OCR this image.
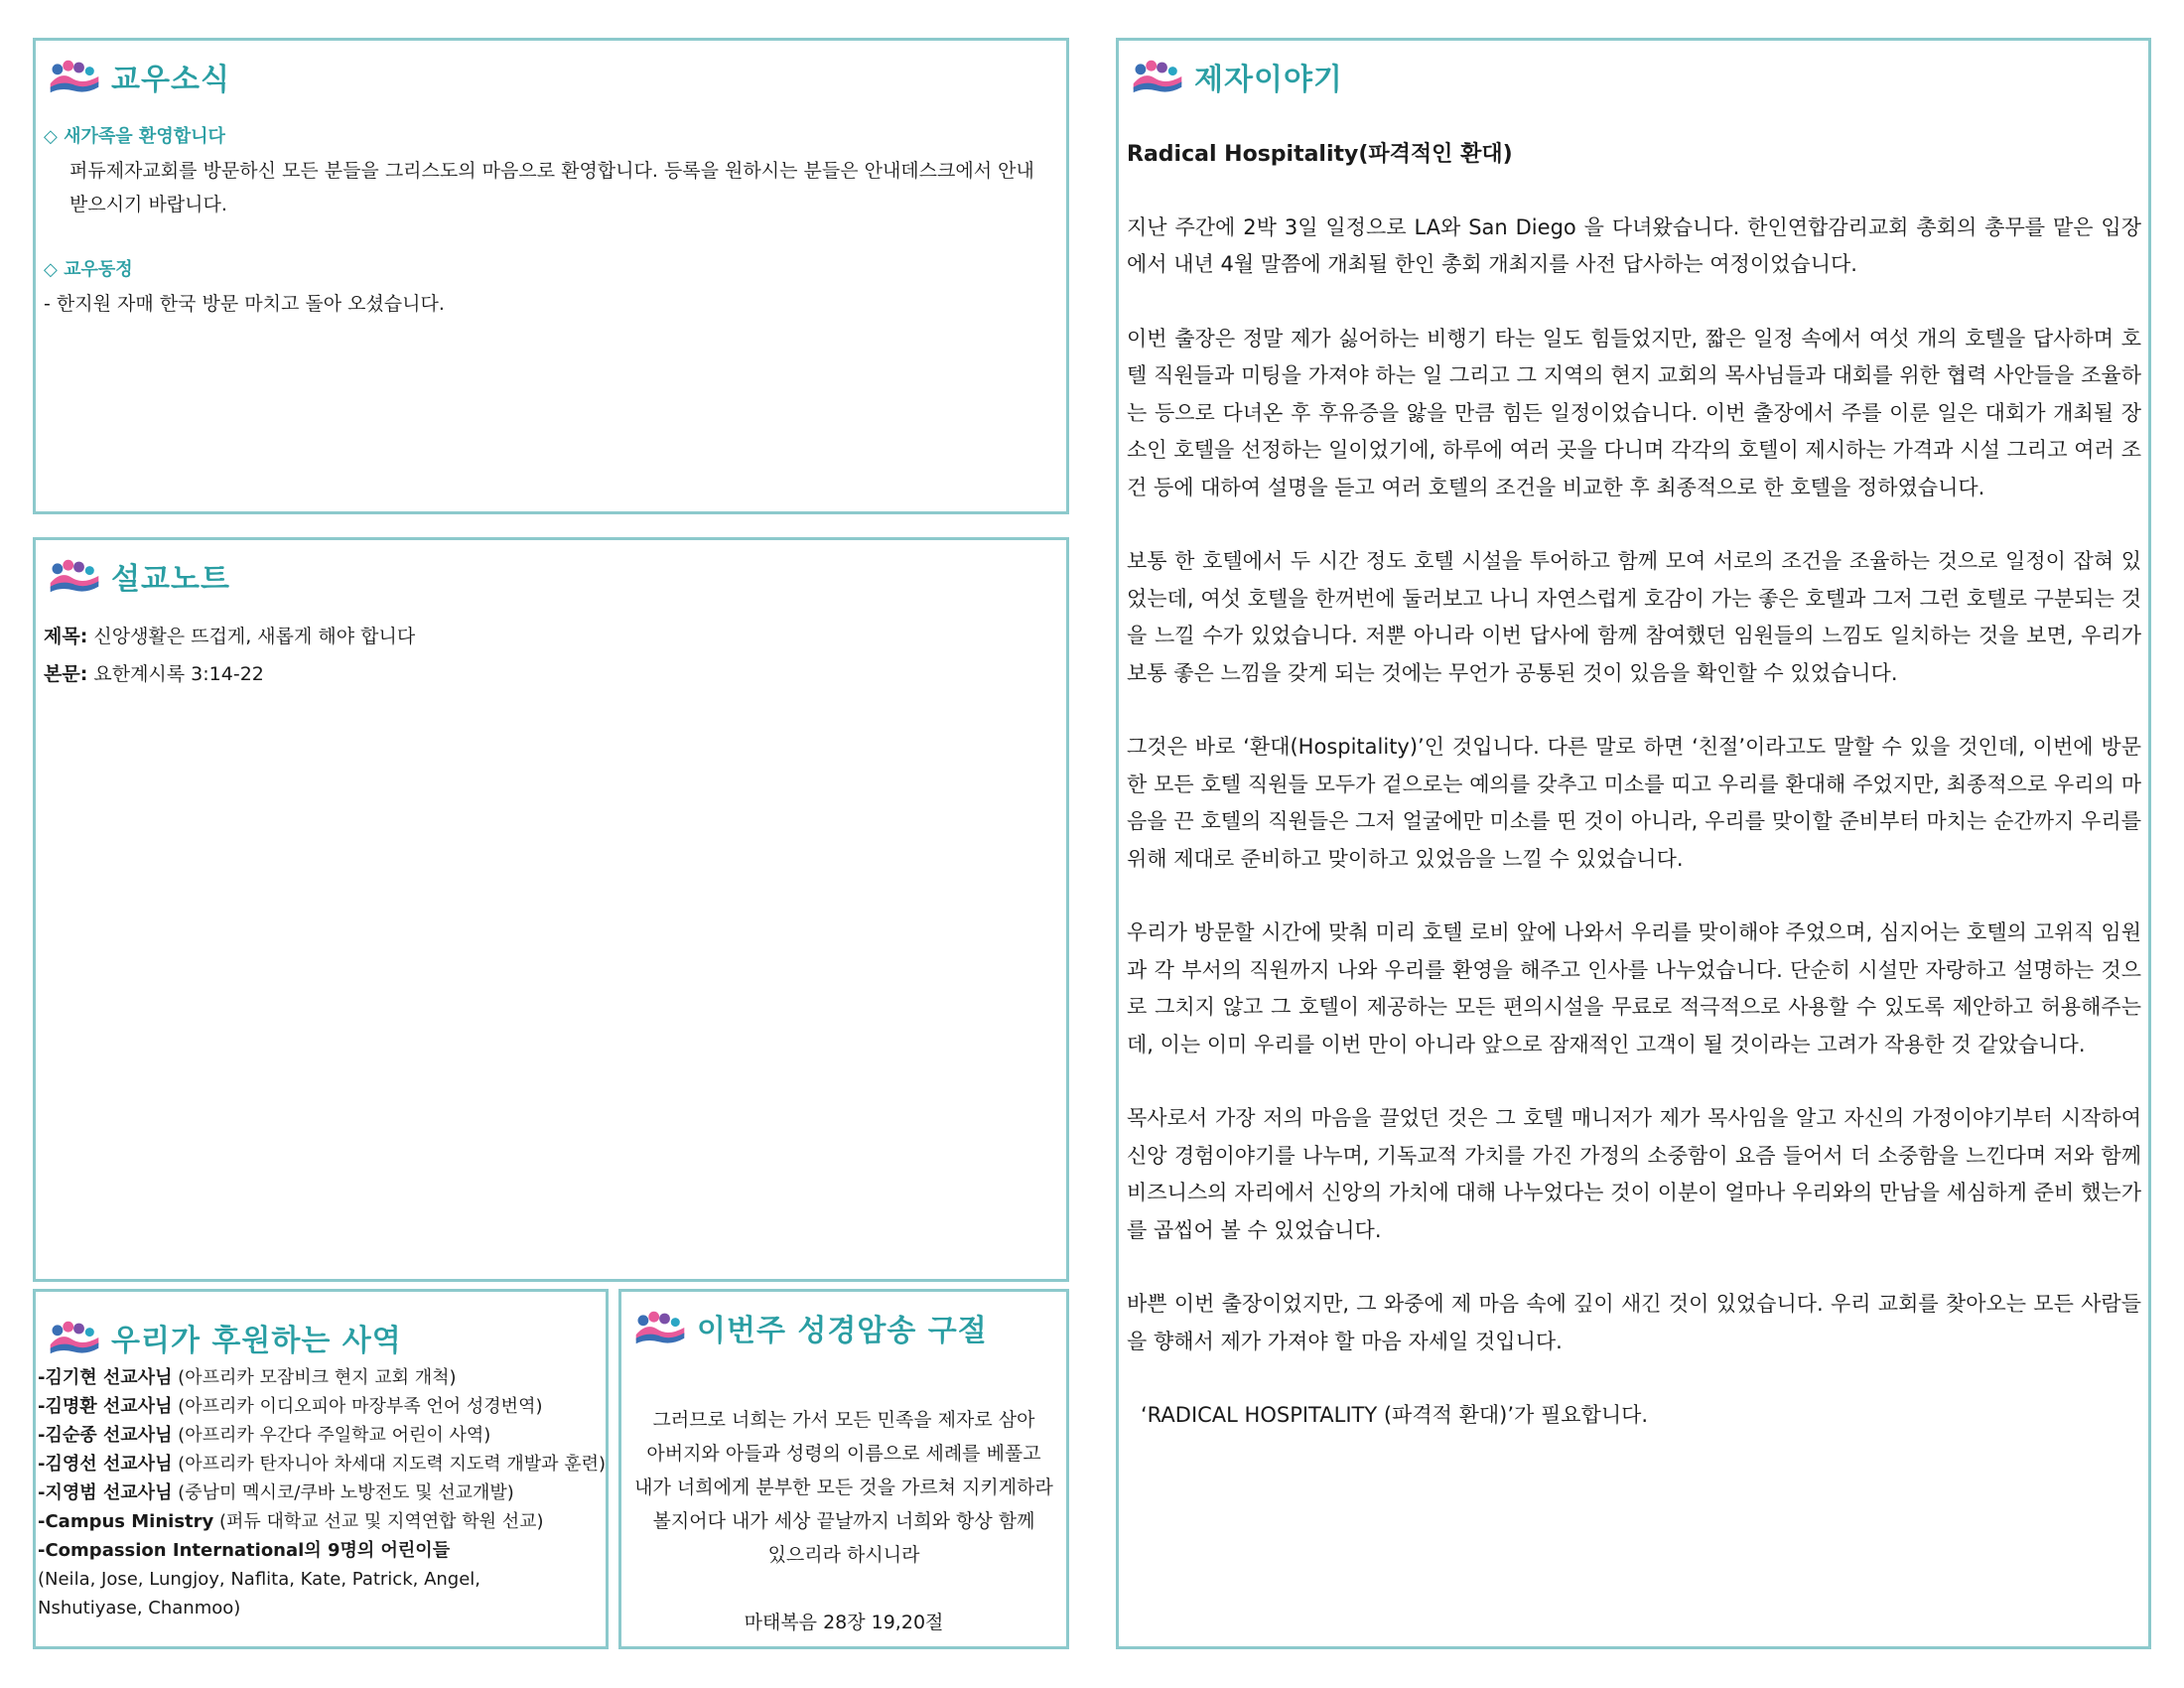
교우소식

◇ 새가족을 환영합니다

퍼듀제자교회를 방문하신 모든 분들을 그리스도의 마음으로 환영합니다. 등록을 원하시는 분들은 안내데스크에서 안내

받으시기 바랍니다.

◇ 교우동정

- 한지원 자매 한국 방문 마치고 돌아 오셨습니다.

설교노트

제목: 신앙생활은 뜨겁게, 새롭게 해야 합니다

본문: 요한계시록 3:14-22

우리가 후원하는 사역
-김기현 선교사님 (아프리카 모잠비크 현지 교회 개척)
-김명환 선교사님 (아프리카 이디오피아 마장부족 언어 성경번역)
-김순종 선교사님 (아프리카 우간다 주일학교 어린이 사역)
-김영선 선교사님 (아프리카 탄자니아 차세대 지도력 지도력 개발과 훈련)
-지영범 선교사님 (중남미 멕시코/쿠바 노방전도 및 선교개발)
-Campus Ministry (퍼듀 대학교 선교 및 지역연합 학원 선교)
-Compassion International의 9명의 어린이들
(Neila, Jose, Lungjoy, Naflita, Kate, Patrick, Angel,
Nshutiyase, Chanmoo)
이번주 성경암송 구절

그러므로 너희는 가서 모든 민족을 제자로 삼아

아버지와 아들과 성령의 이름으로 세례를 베풀고

내가 너희에게 분부한 모든 것을 가르쳐 지키게하라

볼지어다 내가 세상 끝날까지 너희와 항상 함께

있으리라 하시니라

마태복음 28장 19,20절

제자이야기

Radical Hospitality(파격적인 환대)

지난 주간에 2박 3일 일정으로 LA와 San Diego 을 다녀왔습니다. 한인연합감리교회 총회의 총무를 맡은 입장에서 내년 4월 말쯤에 개최될 한인 총회 개최지를 사전 답사하는 여정이었습니다.

이번 출장은 정말 제가 싫어하는 비행기 타는 일도 힘들었지만, 짧은 일정 속에서 여섯 개의 호텔을 답사하며 호텔 직원들과 미팅을 가져야 하는 일 그리고 그 지역의 현지 교회의 목사님들과 대회를 위한 협력 사안들을 조율하는 등으로 다녀온 후 후유증을 앓을 만큼 힘든 일정이었습니다. 이번 출장에서 주를 이룬 일은 대회가 개최될 장소인 호텔을 선정하는 일이었기에, 하루에 여러 곳을 다니며 각각의 호텔이 제시하는 가격과 시설 그리고 여러 조건 등에 대하여 설명을 듣고 여러 호텔의 조건을 비교한 후 최종적으로 한 호텔을 정하였습니다.

보통 한 호텔에서 두 시간 정도 호텔 시설을 투어하고 함께 모여 서로의 조건을 조율하는 것으로 일정이 잡혀 있었는데, 여섯 호텔을 한꺼번에 둘러보고 나니 자연스럽게 호감이 가는 좋은 호텔과 그저 그런 호텔로 구분되는 것을 느낄 수가 있었습니다. 저뿐 아니라 이번 답사에 함께 참여했던 임원들의 느낌도 일치하는 것을 보면, 우리가 보통 좋은 느낌을 갖게 되는 것에는 무언가 공통된 것이 있음을 확인할 수 있었습니다.

그것은 바로 ‘환대(Hospitality)’인 것입니다. 다른 말로 하면 ‘친절’이라고도 말할 수 있을 것인데, 이번에 방문한 모든 호텔 직원들 모두가 겉으로는 예의를 갖추고 미소를 띠고 우리를 환대해 주었지만, 최종적으로 우리의 마음을 끈 호텔의 직원들은 그저 얼굴에만 미소를 띤 것이 아니라, 우리를 맞이할 준비부터 마치는 순간까지 우리를 위해 제대로 준비하고 맞이하고 있었음을 느낄 수 있었습니다.

우리가 방문할 시간에 맞춰 미리 호텔 로비 앞에 나와서 우리를 맞이해야 주었으며, 심지어는 호텔의 고위직 임원과 각 부서의 직원까지 나와 우리를 환영을 해주고 인사를 나누었습니다. 단순히 시설만 자랑하고 설명하는 것으로 그치지 않고 그 호텔이 제공하는 모든 편의시설을 무료로 적극적으로 사용할 수 있도록 제안하고 허용해주는데, 이는 이미 우리를 이번 만이 아니라 앞으로 잠재적인 고객이 될 것이라는 고려가 작용한 것 같았습니다.

목사로서 가장 저의 마음을 끌었던 것은 그 호텔 매니저가 제가 목사임을 알고 자신의 가정이야기부터 시작하여 신앙 경험이야기를 나누며, 기독교적 가치를 가진 가정의 소중함이 요즘 들어서 더 소중함을 느낀다며 저와 함께 비즈니스의 자리에서 신앙의 가치에 대해 나누었다는 것이 이분이 얼마나 우리와의 만남을 세심하게 준비 했는가를 곱씹어 볼 수 있었습니다.

바쁜 이번 출장이었지만, 그 와중에 제 마음 속에 깊이 새긴 것이 있었습니다. 우리 교회를 찾아오는 모든 사람들을 향해서 제가 가져야 할 마음 자세일 것입니다.

‘RADICAL HOSPITALITY (파격적 환대)’가 필요합니다.
